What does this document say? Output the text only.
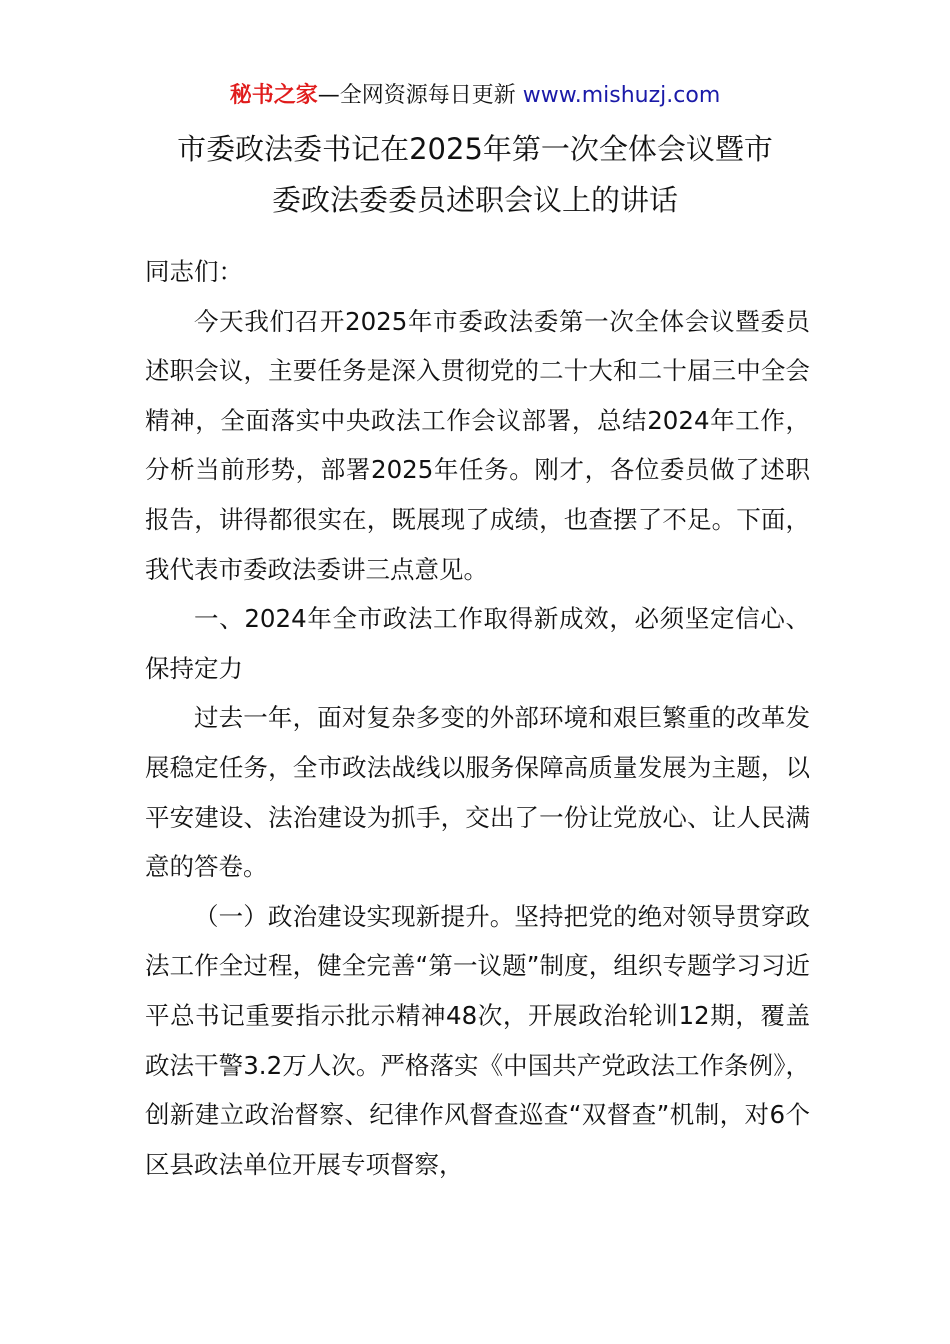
秘书之家—全网资源每日更新 www.mishuzj.com
市委政法委书记在2025年第一次全体会议暨市
委政法委委员述职会议上的讲话

同志们：

今天我们召开2025年市委政法委第一次全体会议暨委员述职会议，主要任务是深入贯彻党的二十大和二十届三中全会精神，全面落实中央政法工作会议部署，总结2024年工作，分析当前形势，部署2025年任务。刚才，各位委员做了述职报告，讲得都很实在，既展现了成绩，也查摆了不足。下面，我代表市委政法委讲三点意见。

一、2024年全市政法工作取得新成效，必须坚定信心、保持定力

过去一年，面对复杂多变的外部环境和艰巨繁重的改革发展稳定任务，全市政法战线以服务保障高质量发展为主题，以平安建设、法治建设为抓手，交出了一份让党放心、让人民满意的答卷。

（一）政治建设实现新提升。坚持把党的绝对领导贯穿政法工作全过程，健全完善“第一议题”制度，组织专题学习习近平总书记重要指示批示精神48次，开展政治轮训12期，覆盖政法干警3.2万人次。严格落实《中国共产党政法工作条例》，创新建立政治督察、纪律作风督查巡查“双督查”机制，对6个区县政法单位开展专项督察，
